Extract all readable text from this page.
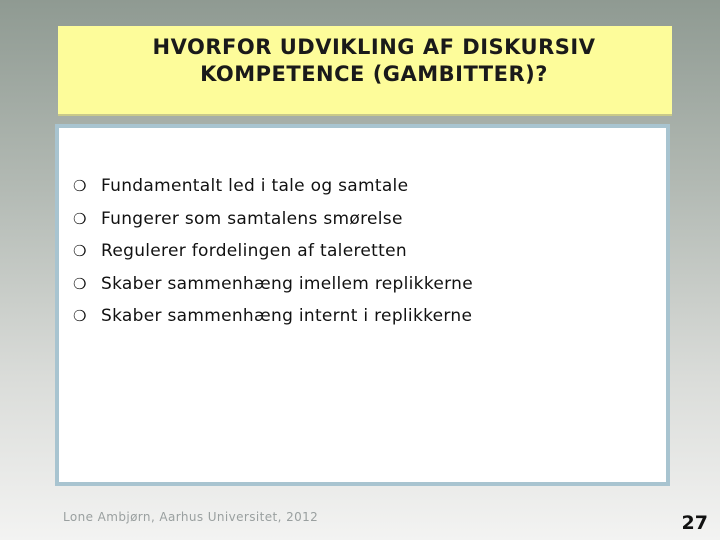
HVORFOR UDVIKLING AF DISKURSIV
KOMPETENCE (GAMBITTER)?
❍ Fundamentalt led i tale og samtale
❍ Fungerer som samtalens smørelse
❍ Regulerer fordelingen af taleretten
❍ Skaber sammenhæng imellem replikkerne
❍ Skaber sammenhæng internt i replikkerne
Lone Ambjørn, Aarhus Universitet, 2012	27
